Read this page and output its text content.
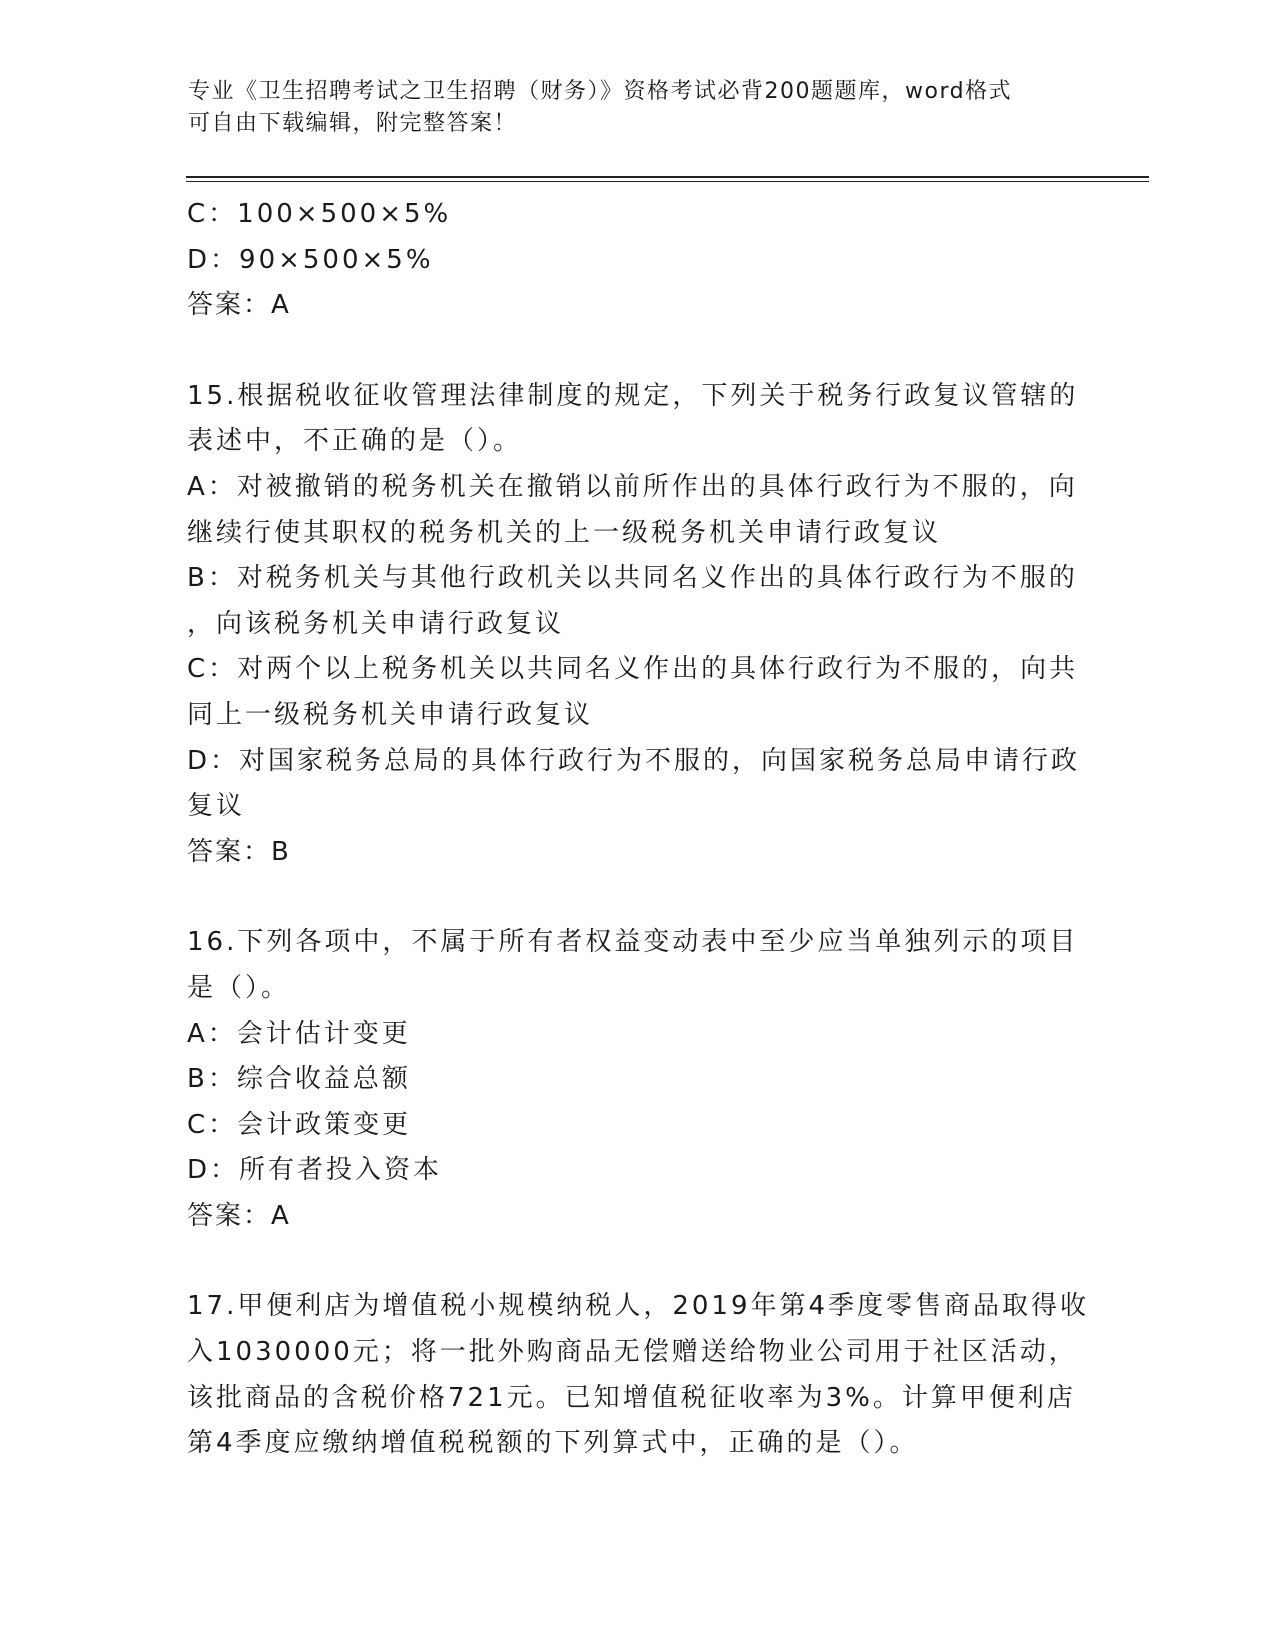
专业《卫生招聘考试之卫生招聘（财务）》资格考试必背200题题库，word格式
可自由下载编辑，附完整答案！
C：100×500×5%
D：90×500×5%
答案：A
15.根据税收征收管理法律制度的规定，下列关于税务行政复议管辖的
表述中，不正确的是（）。
A：对被撤销的税务机关在撤销以前所作出的具体行政行为不服的，向
继续行使其职权的税务机关的上一级税务机关申请行政复议
B：对税务机关与其他行政机关以共同名义作出的具体行政行为不服的
，向该税务机关申请行政复议
C：对两个以上税务机关以共同名义作出的具体行政行为不服的，向共
同上一级税务机关申请行政复议
D：对国家税务总局的具体行政行为不服的，向国家税务总局申请行政
复议
答案：B
16.下列各项中，不属于所有者权益变动表中至少应当单独列示的项目
是（）。
A：会计估计变更
B：综合收益总额
C：会计政策变更
D：所有者投入资本
答案：A
17.甲便利店为增值税小规模纳税人，2019年第4季度零售商品取得收
入1030000元；将一批外购商品无偿赠送给物业公司用于社区活动，
该批商品的含税价格721元。已知增值税征收率为3%。计算甲便利店
第4季度应缴纳增值税税额的下列算式中，正确的是（）。
